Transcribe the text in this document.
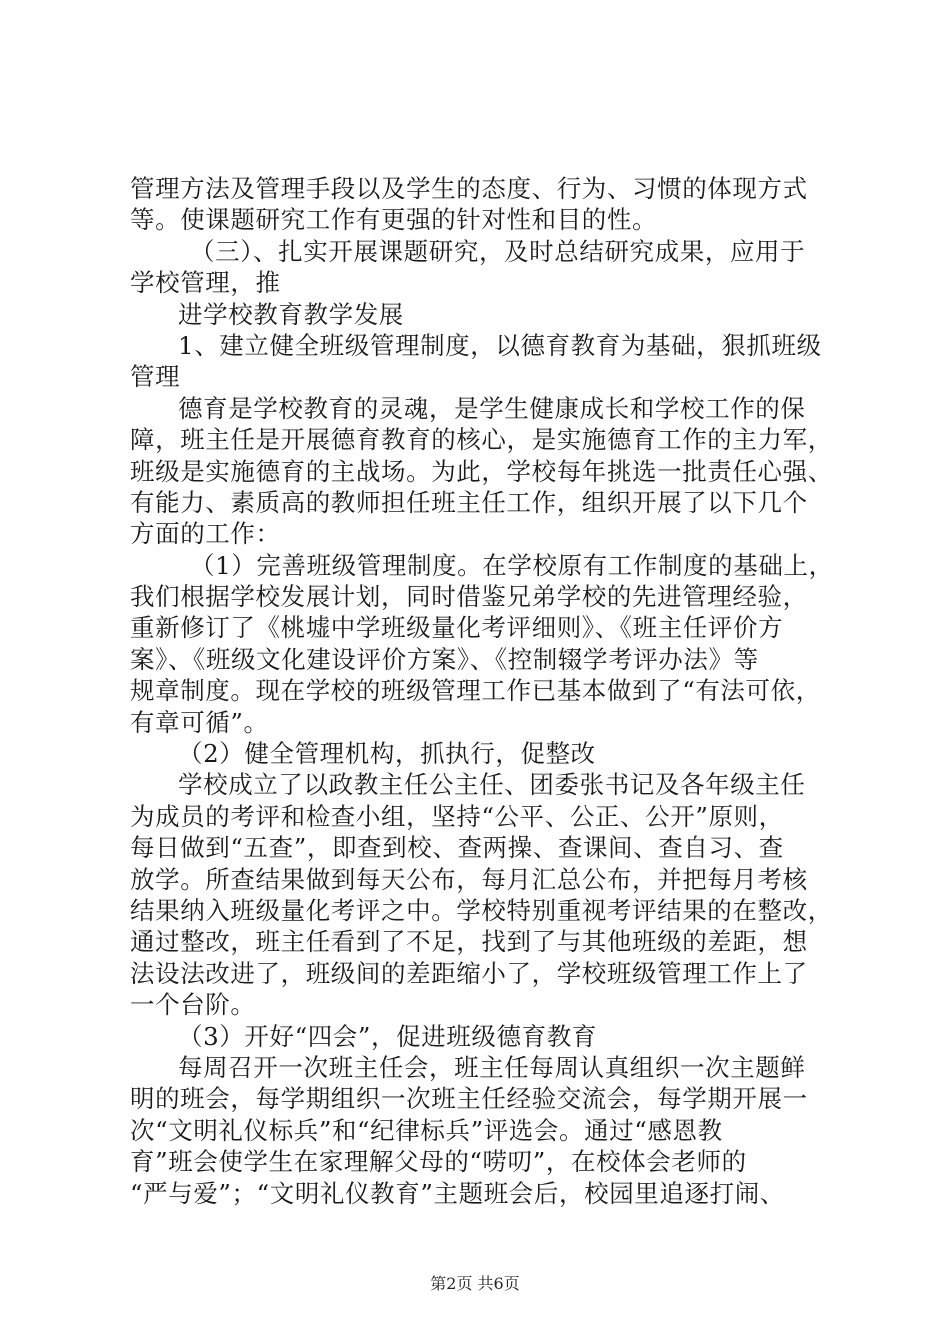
管理方法及管理手段以及学生的态度、行为、习惯的体现方式
等。使课题研究工作有更强的针对性和目的性。
（三）、扎实开展课题研究，及时总结研究成果，应用于
学校管理，推
进学校教育教学发展
1、建立健全班级管理制度，以德育教育为基础，狠抓班级
管理
德育是学校教育的灵魂，是学生健康成长和学校工作的保
障，班主任是开展德育教育的核心，是实施德育工作的主力军，
班级是实施德育的主战场。为此，学校每年挑选一批责任心强、
有能力、素质高的教师担任班主任工作，组织开展了以下几个
方面的工作：
（1）完善班级管理制度。在学校原有工作制度的基础上，
我们根据学校发展计划，同时借鉴兄弟学校的先进管理经验，
重新修订了《桃墟中学班级量化考评细则》、《班主任评价方
案》、《班级文化建设评价方案》、《控制辍学考评办法》等
规章制度。现在学校的班级管理工作已基本做到了“有法可依，
有章可循”。
（2）健全管理机构，抓执行，促整改
学校成立了以政教主任公主任、团委张书记及各年级主任
为成员的考评和检查小组，坚持“公平、公正、公开”原则，
每日做到“五查”，即查到校、查两操、查课间、查自习、查
放学。所查结果做到每天公布，每月汇总公布，并把每月考核
结果纳入班级量化考评之中。学校特别重视考评结果的在整改，
通过整改，班主任看到了不足，找到了与其他班级的差距，想
法设法改进了，班级间的差距缩小了，学校班级管理工作上了
一个台阶。
（3）开好“四会”，促进班级德育教育
每周召开一次班主任会，班主任每周认真组织一次主题鲜
明的班会，每学期组织一次班主任经验交流会，每学期开展一
次“文明礼仪标兵”和“纪律标兵”评选会。通过“感恩教
育”班会使学生在家理解父母的“唠叨”，在校体会老师的
“严与爱”；“文明礼仪教育”主题班会后，校园里追逐打闹、
第2页 共6页
